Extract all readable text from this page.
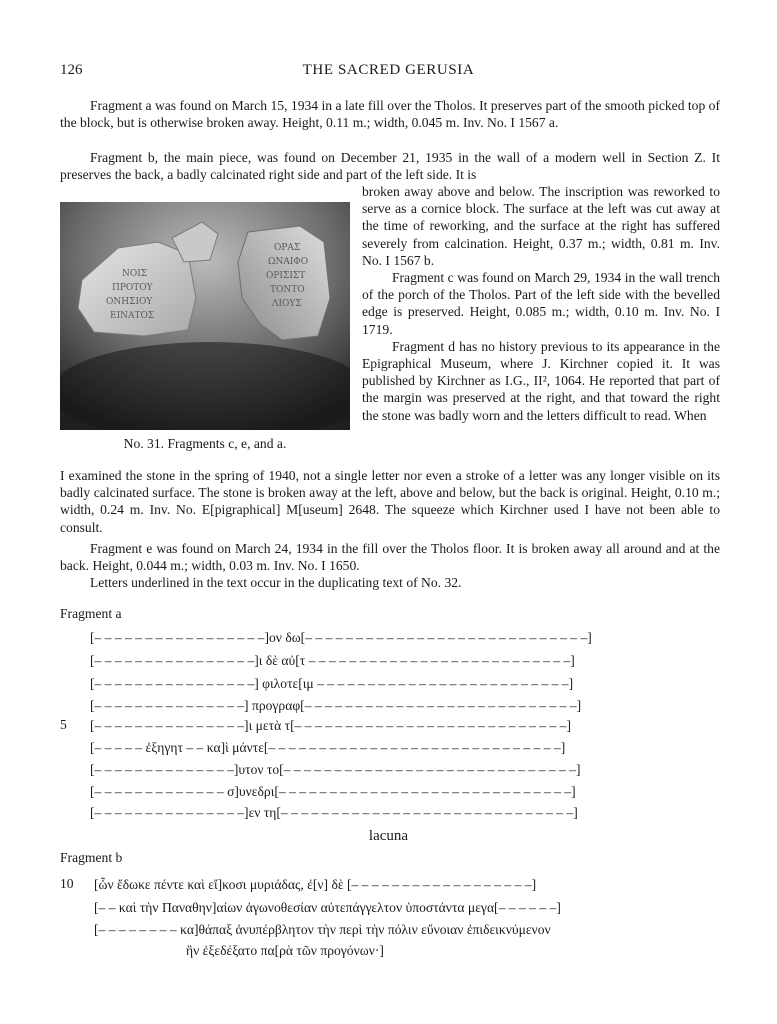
126	THE SACRED GERUSIA

Fragment a was found on March 15, 1934 in a late fill over the Tholos. It preserves part of the smooth picked top of the block, but is otherwise broken away. Height, 0.11 m.; width, 0.045 m. Inv. No. I 1567 a.

Fragment b, the main piece, was found on December 21, 1935 in the wall of a modern well in Section Z. It preserves the back, a badly calcinated right side and part of the left side. It is

ΝΟΙΣ
ΠΡΟΤΟΥ
ΟΝΗΣΙΟΥ
ΕΙΝΑΤΟΣ
ΟΡΑΣ
ΩΝΑΙΦΟ
ΟΡΙΣΙΣΤ
ΤΟΝΤΟ
ΛΙΟΥΣ
No. 31. Fragments c, e, and a.

broken away above and below. The inscription was reworked to serve as a cornice block. The surface at the left was cut away at the time of reworking, and the surface at the right has suffered severely from calcination. Height, 0.37 m.; width, 0.81 m. Inv. No. I 1567 b.

Fragment c was found on March 29, 1934 in the wall trench of the porch of the Tholos. Part of the left side with the bevelled edge is preserved. Height, 0.085 m.; width, 0.10 m. Inv. No. I 1719.

Fragment d has no history previous to its appearance in the Epigraphical Museum, where J. Kirchner copied it. It was published by Kirchner as I.G., II², 1064. He reported that part of the margin was preserved at the right, and that toward the right the stone was badly worn and the letters difficult to read. When

I examined the stone in the spring of 1940, not a single letter nor even a stroke of a letter was any longer visible on its badly calcinated surface. The stone is broken away at the left, above and below, but the back is original. Height, 0.10 m.; width, 0.24 m. Inv. No. E[pigraphical] M[useum] 2648. The squeeze which Kirchner used I have not been able to consult.

Fragment e was found on March 24, 1934 in the fill over the Tholos floor. It is broken away all around and at the back. Height, 0.044 m.; width, 0.03 m. Inv. No. I 1650.

Letters underlined in the text occur in the duplicating text of No. 32.

Fragment a
[– – – – – – – – – – – – – – – – –]ον δω[– – – – – – – – – – – – – – – – – – – – – – – – – – – –]
[– – – – – – – – – – – – – – – –]ι δὲ αὐ[τ – – – – – – – – – – – – – – – – – – – – – – – – – –]
[– – – – – – – – – – – – – – – –] φιλοτε[ιμ – – – – – – – – – – – – – – – – – – – – – – – – –]
[– – – – – – – – – – – – – – –] προγραφ[– – – – – – – – – – – – – – – – – – – – – – – – – – –]
5 [– – – – – – – – – – – – – – –]ι μετὰ τ[– – – – – – – – – – – – – – – – – – – – – – – – – – –]
[– – – – – ἐξηγητ – – κα]ὶ μάντε[– – – – – – – – – – – – – – – – – – – – – – – – – – – – –]
[– – – – – – – – – – – – – –]υτον το[– – – – – – – – – – – – – – – – – – – – – – – – – – – – –]
[– – – – – – – – – – – – – σ]υνεδρι[– – – – – – – – – – – – – – – – – – – – – – – – – – – – –]
[– – – – – – – – – – – – – – –]εν τη[– – – – – – – – – – – – – – – – – – – – – – – – – – – – –]
lacuna
Fragment b
10 [ὧν ἔδωκε πέντε καὶ εἴ]κοσι μυριάδας, ἐ[ν] δὲ [– – – – – – – – – – – – – – – – – –]
[– – καὶ τὴν Παναθην]αίων ἀγωνοθεσίαν αὐτεπάγγελτον ὑποστάντα μεγα[– – – – – –]
[– – – – – – – – κα]θάπαξ ἀνυπέρβλητον τὴν περὶ τὴν πόλιν εὔνοιαν ἐπιδεικνύμενον
ἣν ἐξεδέξατο πα[ρὰ τῶν προγόνων·]
